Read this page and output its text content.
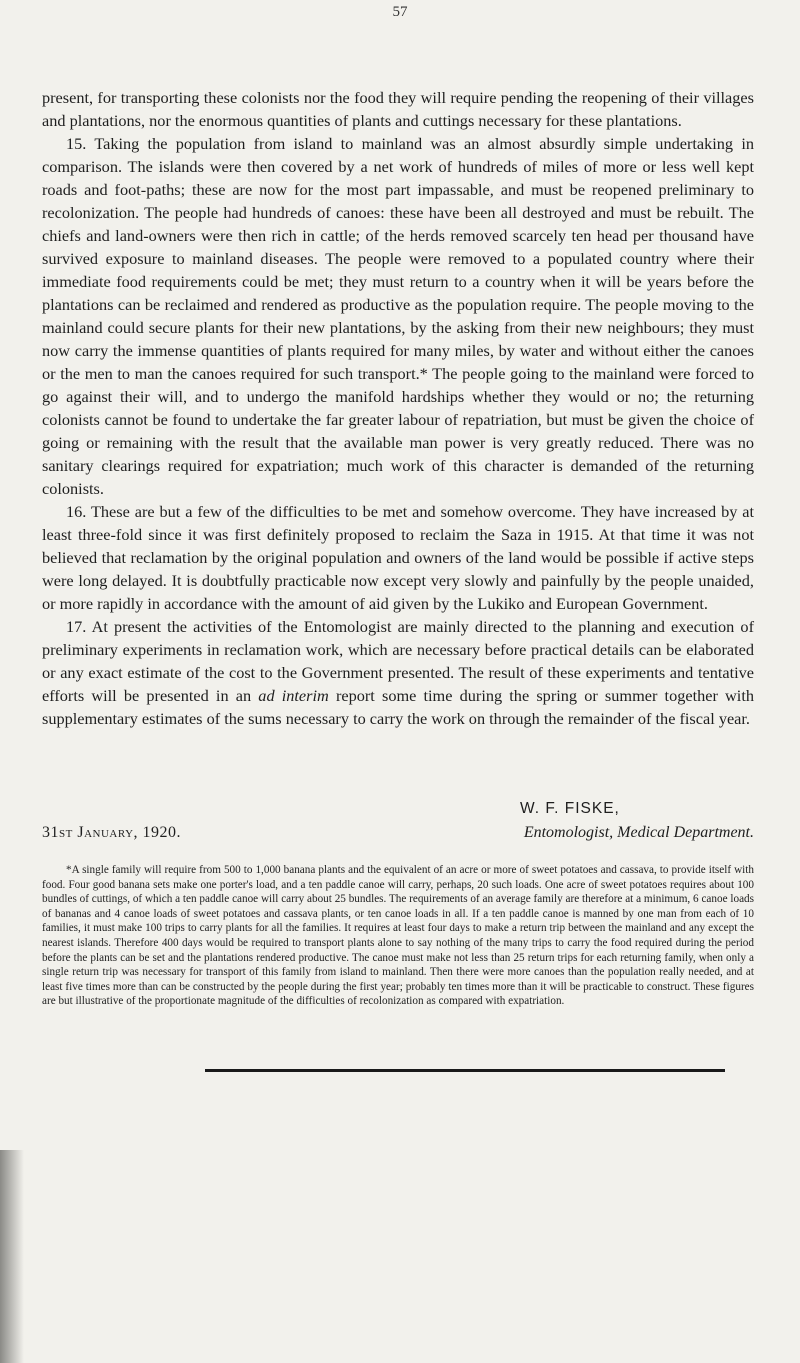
57

present, for transporting these colonists nor the food they will require pending the reopening of their villages and plantations, nor the enormous quantities of plants and cuttings necessary for these plantations.

15. Taking the population from island to mainland was an almost absurdly simple undertaking in comparison. The islands were then covered by a net work of hundreds of miles of more or less well kept roads and foot-paths; these are now for the most part impassable, and must be reopened preliminary to recolonization. The people had hundreds of canoes: these have been all destroyed and must be rebuilt. The chiefs and land-owners were then rich in cattle; of the herds removed scarcely ten head per thousand have survived exposure to mainland diseases. The people were removed to a populated country where their immediate food requirements could be met; they must return to a country when it will be years before the plantations can be reclaimed and rendered as productive as the population require. The people moving to the mainland could secure plants for their new plantations, by the asking from their new neighbours; they must now carry the immense quantities of plants required for many miles, by water and without either the canoes or the men to man the canoes required for such transport.* The people going to the mainland were forced to go against their will, and to undergo the manifold hardships whether they would or no; the returning colonists cannot be found to undertake the far greater labour of repatriation, but must be given the choice of going or remaining with the result that the available man power is very greatly reduced. There was no sanitary clearings required for expatriation; much work of this character is demanded of the returning colonists.

16. These are but a few of the difficulties to be met and somehow overcome. They have increased by at least three-fold since it was first definitely proposed to reclaim the Saza in 1915. At that time it was not believed that reclamation by the original population and owners of the land would be possible if active steps were long delayed. It is doubtfully practicable now except very slowly and painfully by the people unaided, or more rapidly in accordance with the amount of aid given by the Lukiko and European Government.

17. At present the activities of the Entomologist are mainly directed to the planning and execution of preliminary experiments in reclamation work, which are necessary before practical details can be elaborated or any exact estimate of the cost to the Government presented. The result of these experiments and tentative efforts will be presented in an ad interim report some time during the spring or summer together with supplementary estimates of the sums necessary to carry the work on through the remainder of the fiscal year.

W. F. FISKE,
31st January, 1920.	Entomologist, Medical Department.

*A single family will require from 500 to 1,000 banana plants and the equivalent of an acre or more of sweet potatoes and cassava, to provide itself with food. Four good banana sets make one porter's load, and a ten paddle canoe will carry, perhaps, 20 such loads. One acre of sweet potatoes requires about 100 bundles of cuttings, of which a ten paddle canoe will carry about 25 bundles. The requirements of an average family are therefore at a minimum, 6 canoe loads of bananas and 4 canoe loads of sweet potatoes and cassava plants, or ten canoe loads in all. If a ten paddle canoe is manned by one man from each of 10 families, it must make 100 trips to carry plants for all the families. It requires at least four days to make a return trip between the mainland and any except the nearest islands. Therefore 400 days would be required to transport plants alone to say nothing of the many trips to carry the food required during the period before the plants can be set and the plantations rendered productive. The canoe must make not less than 25 return trips for each returning family, when only a single return trip was necessary for transport of this family from island to mainland. Then there were more canoes than the population really needed, and at least five times more than can be constructed by the people during the first year; probably ten times more than it will be practicable to construct. These figures are but illustrative of the proportionate magnitude of the difficulties of recolonization as compared with expatriation.
